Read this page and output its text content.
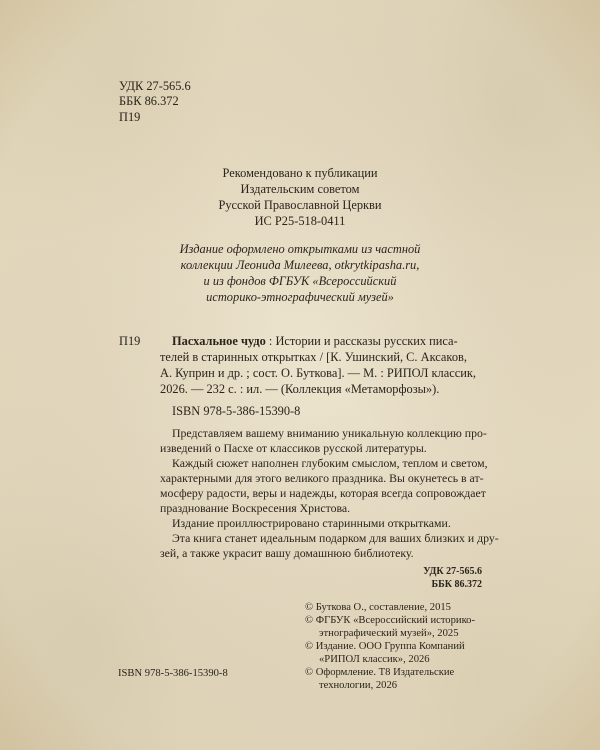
УДК 27-565.6
ББК 86.372
П19
Рекомендовано к публикации
Издательским советом
Русской Православной Церкви
ИС Р25-518-0411
Издание оформлено открытками из частной
коллекции Леонида Милеева, otkrytkipasha.ru,
и из фондов ФГБУК «Всероссийский
историко-этнографический музей»
П19	Пасхальное чудо : Истории и рассказы русских писа-
телей в старинных открытках / [К. Ушинский, С. Аксаков,
А. Куприн и др. ; сост. О. Буткова]. — М. : РИПОЛ классик,
2026. — 232 с. : ил. — (Коллекция «Метаморфозы»).
ISBN 978-5-386-15390-8
Представляем вашему вниманию уникальную коллекцию про-
изведений о Пасхе от классиков русской литературы.
Каждый сюжет наполнен глубоким смыслом, теплом и светом,
характерными для этого великого праздника. Вы окунетесь в ат-
мосферу радости, веры и надежды, которая всегда сопровождает
празднование Воскресения Христова.
Издание проиллюстрировано старинными открытками.
Эта книга станет идеальным подарком для ваших близких и дру-
зей, а также украсит вашу домашнюю библиотеку.
УДК 27-565.6
ББК 86.372
© Буткова О., составление, 2015
© ФГБУК «Всероссийский историко-
этнографический музей», 2025
© Издание. ООО Группа Компаний
«РИПОЛ классик», 2026
© Оформление. Т8 Издательские
технологии, 2026
ISBN 978-5-386-15390-8
